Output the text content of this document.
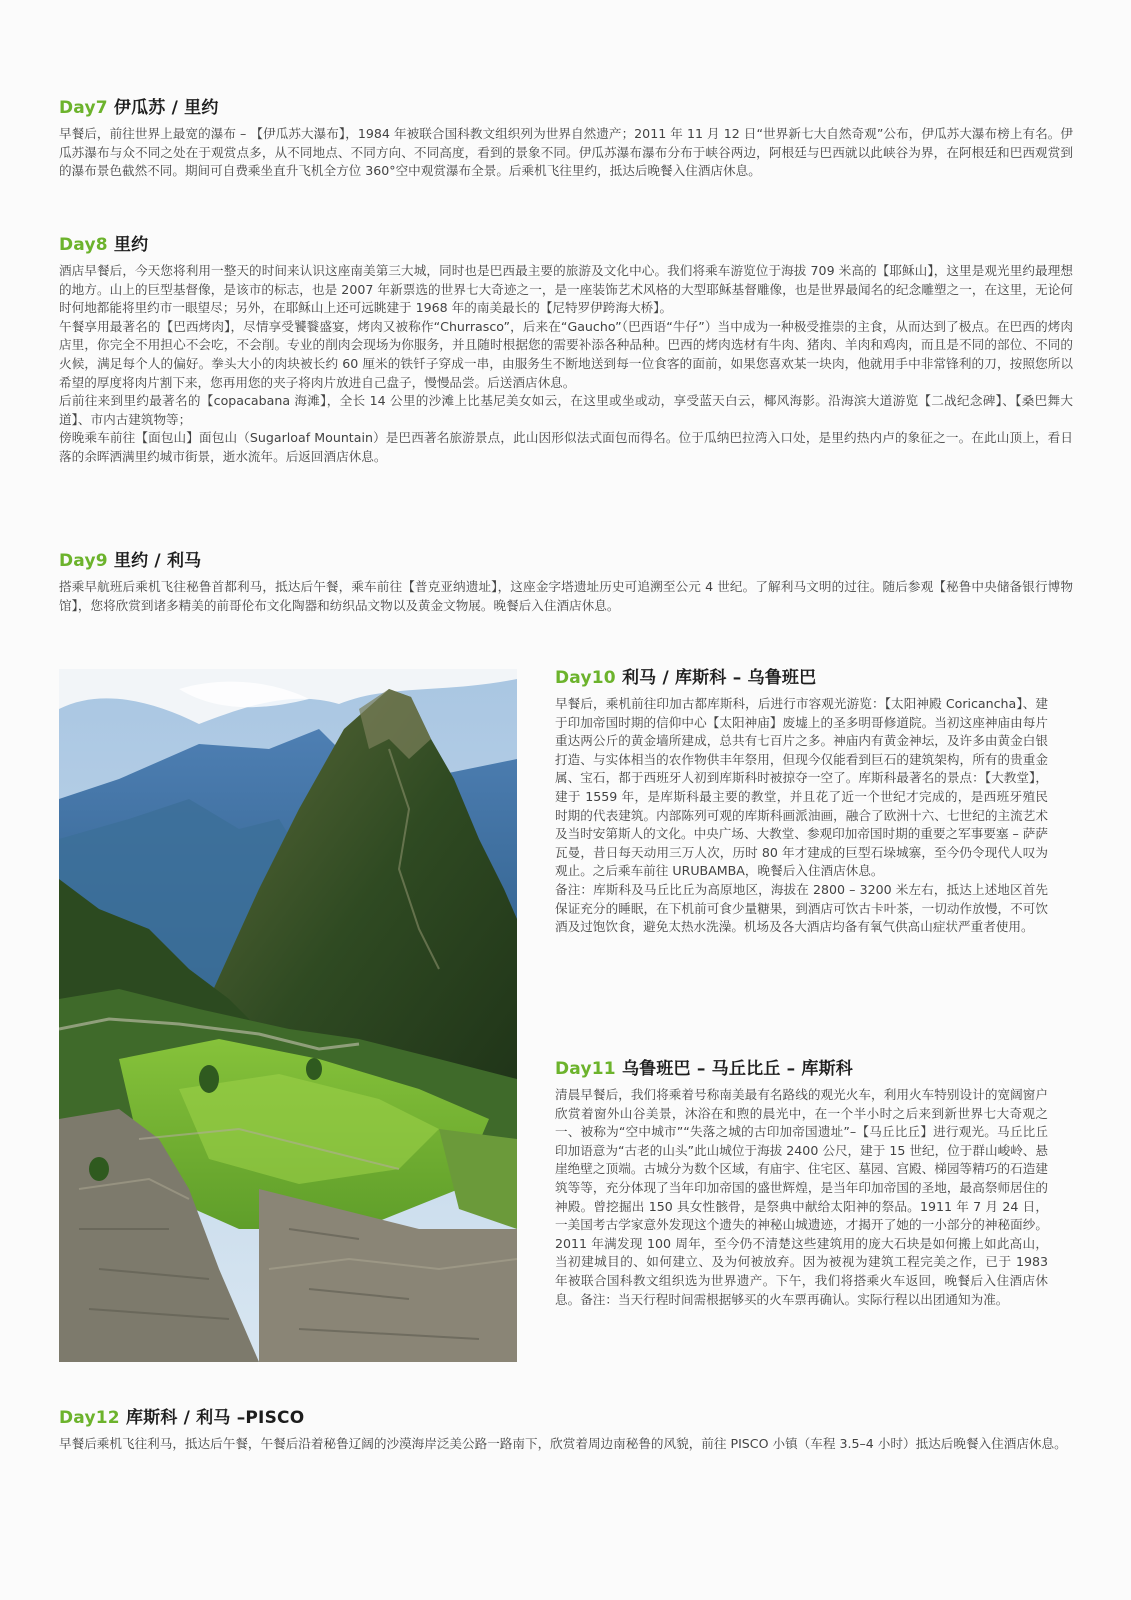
Day7 伊瓜苏 / 里约

早餐后，前往世界上最宽的瀑布 – 【伊瓜苏大瀑布】，1984 年被联合国科教文组织列为世界自然遗产；2011 年 11 月 12 日“世界新七大自然奇观”公布，伊瓜苏大瀑布榜上有名。伊瓜苏瀑布与众不同之处在于观赏点多，从不同地点、不同方向、不同高度，看到的景象不同。伊瓜苏瀑布瀑布分布于峡谷两边，阿根廷与巴西就以此峡谷为界，在阿根廷和巴西观赏到的瀑布景色截然不同。期间可自费乘坐直升飞机全方位 360°空中观赏瀑布全景。后乘机飞往里约，抵达后晚餐入住酒店休息。

Day8 里约

酒店早餐后，今天您将利用一整天的时间来认识这座南美第三大城，同时也是巴西最主要的旅游及文化中心。我们将乘车游览位于海拔 709 米高的【耶稣山】，这里是观光里约最理想的地方。山上的巨型基督像，是该市的标志，也是 2007 年新票选的世界七大奇迹之一，是一座装饰艺术风格的大型耶稣基督雕像，也是世界最闻名的纪念雕塑之一，在这里，无论何时何地都能将里约市一眼望尽；另外，在耶稣山上还可远眺建于 1968 年的南美最长的【尼特罗伊跨海大桥】。

午餐享用最著名的【巴西烤肉】，尽情享受饕餮盛宴，烤肉又被称作“Churrasco”，后来在“Gaucho”（巴西语“牛仔”）当中成为一种极受推崇的主食，从而达到了极点。在巴西的烤肉店里，你完全不用担心不会吃，不会削。专业的削肉会现场为你服务，并且随时根据您的需要补添各种品种。巴西的烤肉选材有牛肉、猪肉、羊肉和鸡肉，而且是不同的部位、不同的火候，满足每个人的偏好。拳头大小的肉块被长约 60 厘米的铁钎子穿成一串，由服务生不断地送到每一位食客的面前，如果您喜欢某一块肉，他就用手中非常锋利的刀，按照您所以希望的厚度将肉片割下来，您再用您的夹子将肉片放进自己盘子，慢慢品尝。后送酒店休息。

后前往来到里约最著名的【copacabana 海滩】，全长 14 公里的沙滩上比基尼美女如云，在这里或坐或动，享受蓝天白云，椰风海影。沿海滨大道游览【二战纪念碑】、【桑巴舞大道】、市内古建筑物等；

傍晚乘车前往【面包山】面包山（Sugarloaf Mountain）是巴西著名旅游景点，此山因形似法式面包而得名。位于瓜纳巴拉湾入口处，是里约热内卢的象征之一。在此山顶上，看日落的余晖洒满里约城市街景，逝水流年。后返回酒店休息。

Day9 里约 / 利马

搭乘早航班后乘机飞往秘鲁首都利马，抵达后午餐，乘车前往【普克亚纳遗址】，这座金字塔遗址历史可追溯至公元 4 世纪。了解利马文明的过往。随后参观【秘鲁中央储备银行博物馆】，您将欣赏到诸多精美的前哥伦布文化陶器和纺织品文物以及黄金文物展。晚餐后入住酒店休息。

Day10 利马 / 库斯科 – 乌鲁班巴

早餐后，乘机前往印加古都库斯科，后进行市容观光游览：【太阳神殿 Coricancha】、建于印加帝国时期的信仰中心【太阳神庙】废墟上的圣多明哥修道院。当初这座神庙由每片重达两公斤的黄金墙所建成，总共有七百片之多。神庙内有黄金神坛，及许多由黄金白银打造、与实体相当的农作物供丰年祭用，但现今仅能看到巨石的建筑架构，所有的贵重金属、宝石，都于西班牙人初到库斯科时被掠夺一空了。库斯科最著名的景点：【大教堂】，建于 1559 年，是库斯科最主要的教堂，并且花了近一个世纪才完成的，是西班牙殖民时期的代表建筑。内部陈列可观的库斯科画派油画，融合了欧洲十六、七世纪的主流艺术及当时安第斯人的文化。中央广场、大教堂、参观印加帝国时期的重要之军事要塞 – 萨萨瓦曼，昔日每天动用三万人次，历时 80 年才建成的巨型石垛城寨，至今仍令现代人叹为观止。之后乘车前往 URUBAMBA，晚餐后入住酒店休息。

备注：库斯科及马丘比丘为高原地区，海拔在 2800 – 3200 米左右，抵达上述地区首先保证充分的睡眠，在下机前可食少量糖果，到酒店可饮古卡叶茶，一切动作放慢，不可饮酒及过饱饮食，避免太热水洗澡。机场及各大酒店均备有氧气供高山症状严重者使用。

Day11 乌鲁班巴 – 马丘比丘 – 库斯科

清晨早餐后，我们将乘着号称南美最有名路线的观光火车，利用火车特别设计的宽阔窗户欣赏着窗外山谷美景，沐浴在和煦的晨光中，在一个半小时之后来到新世界七大奇观之一、被称为“空中城市”“失落之城的古印加帝国遗址”–【马丘比丘】进行观光。马丘比丘印加语意为“古老的山头”此山城位于海拔 2400 公尺，建于 15 世纪，位于群山峻岭、悬崖绝壁之顶端。古城分为数个区域，有庙宇、住宅区、墓园、宫殿、梯园等精巧的石造建筑等等，充分体现了当年印加帝国的盛世辉煌，是当年印加帝国的圣地，最高祭师居住的神殿。曾挖掘出 150 具女性骸骨，是祭典中献给太阳神的祭品。1911 年 7 月 24 日，一美国考古学家意外发现这个遗失的神秘山城遗迹，才揭开了她的一小部分的神秘面纱。2011 年满发现 100 周年，至今仍不清楚这些建筑用的庞大石块是如何搬上如此高山，当初建城目的、如何建立、及为何被放弃。因为被视为建筑工程完美之作，已于 1983 年被联合国科教文组织选为世界遗产。下午，我们将搭乘火车返回，晚餐后入住酒店休息。备注：当天行程时间需根据够买的火车票再确认。实际行程以出团通知为准。

Day12 库斯科 / 利马 –PISCO

早餐后乘机飞往利马，抵达后午餐，午餐后沿着秘鲁辽阔的沙漠海岸泛美公路一路南下，欣赏着周边南秘鲁的风貌，前往 PISCO 小镇（车程 3.5–4 小时）抵达后晚餐入住酒店休息。
